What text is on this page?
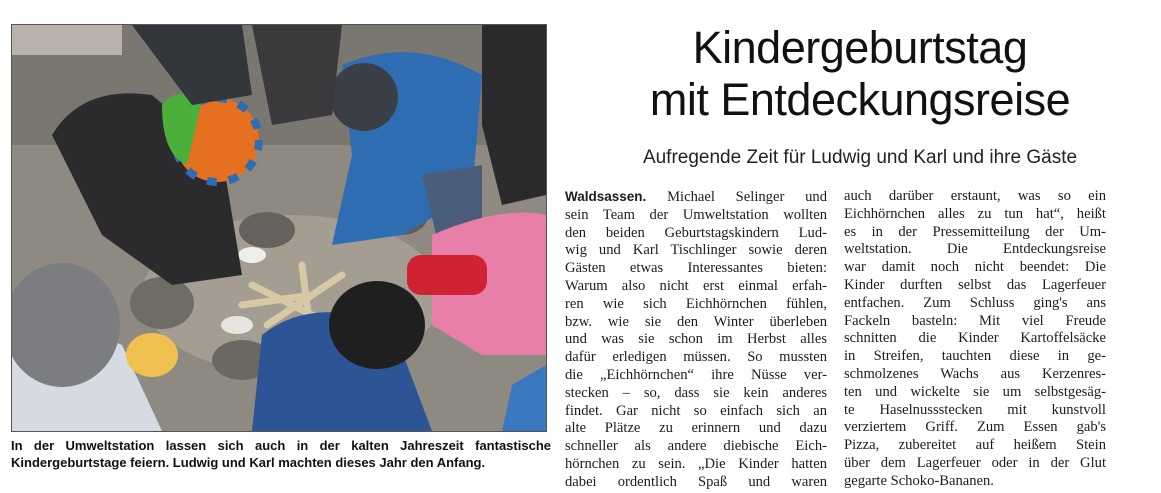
In der Umweltstation lassen sich auch in der kalten Jahreszeit fantastische
Kindergeburtstage feiern. Ludwig und Karl machten dieses Jahr den Anfang.
Kindergeburtstag
mit Entdeckungsreise
Aufregende Zeit für Ludwig und Karl und ihre Gäste
Waldsassen. Michael Selinger und
sein Team der Umweltstation wollten
den beiden Geburtstagskindern Lud-
wig und Karl Tischlinger sowie deren
Gästen etwas Interessantes bieten:
Warum also nicht erst einmal erfah-
ren wie sich Eichhörnchen fühlen,
bzw. wie sie den Winter überleben
und was sie schon im Herbst alles
dafür erledigen müssen. So mussten
die „Eichhörnchen“ ihre Nüsse ver-
stecken – so, dass sie kein anderes
findet. Gar nicht so einfach sich an
alte Plätze zu erinnern und dazu
schneller als andere diebische Eich-
hörnchen zu sein. „Die Kinder hatten
dabei ordentlich Spaß und waren
auch darüber erstaunt, was so ein
Eichhörnchen alles zu tun hat“, heißt
es in der Pressemitteilung der Um-
weltstation. Die Entdeckungsreise
war damit noch nicht beendet: Die
Kinder durften selbst das Lagerfeuer
entfachen. Zum Schluss ging's ans
Fackeln basteln: Mit viel Freude
schnitten die Kinder Kartoffelsäcke
in Streifen, tauchten diese in ge-
schmolzenes Wachs aus Kerzenres-
ten und wickelte sie um selbstgesäg-
te Haselnussstecken mit kunstvoll
verziertem Griff. Zum Essen gab's
Pizza, zubereitet auf heißem Stein
über dem Lagerfeuer oder in der Glut
gegarte Schoko-Bananen.
